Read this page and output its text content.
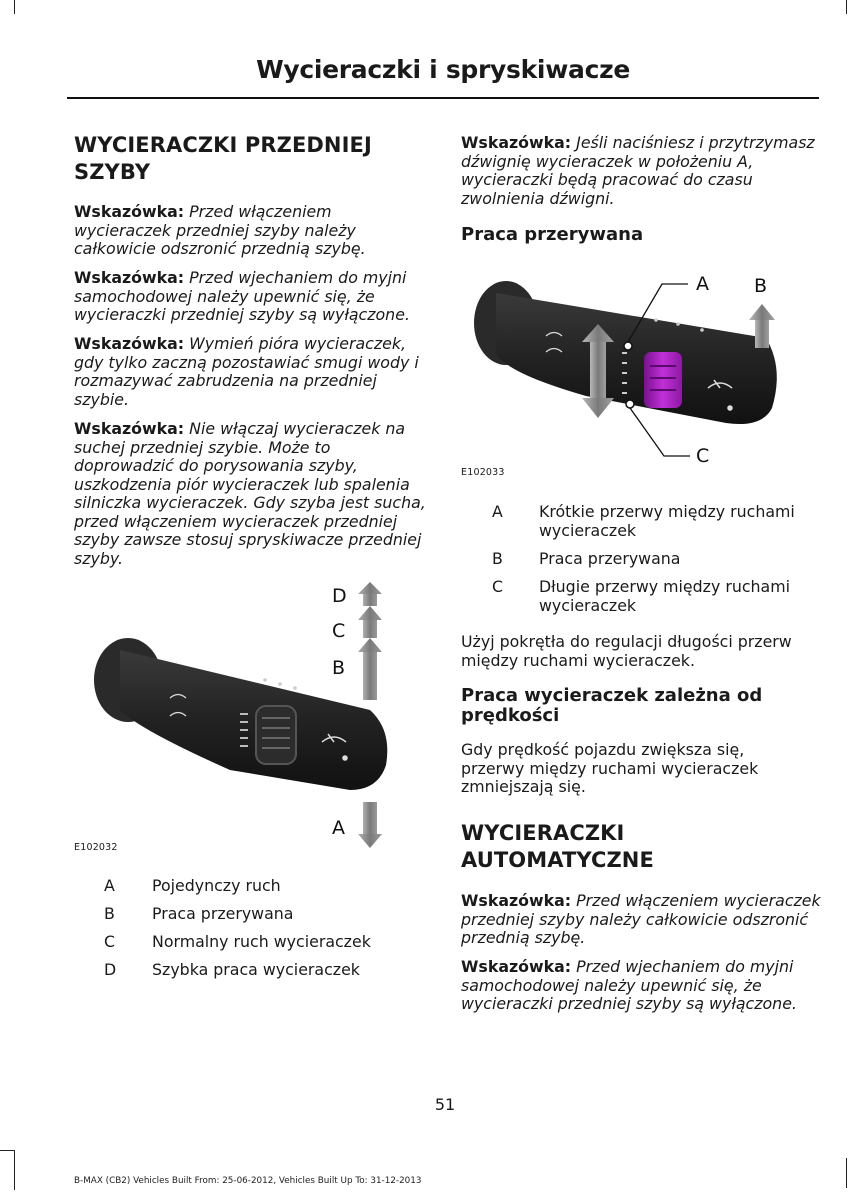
Wycieraczki i spryskiwacze
WYCIERACZKI PRZEDNIEJ SZYBY

Wskazówka: Przed włączeniem wycieraczek przedniej szyby należy całkowicie odszronić przednią szybę.

Wskazówka: Przed wjechaniem do myjni samochodowej należy upewnić się, że wycieraczki przedniej szyby są wyłączone.

Wskazówka: Wymień pióra wycieraczek, gdy tylko zaczną pozostawiać smugi wody i rozmazywać zabrudzenia na przedniej szybie.

Wskazówka: Nie włączaj wycieraczek na suchej przedniej szybie. Może to doprowadzić do porysowania szyby, uszkodzenia piór wycieraczek lub spalenia silniczka wycieraczek. Gdy szyba jest sucha, przed włączeniem wycieraczek przedniej szyby zawsze stosuj spryskiwacze przedniej szyby.

D
C
B
A
E102032
A Pojedynczy ruch
B Praca przerywana
C Normalny ruch wycieraczek
D Szybka praca wycieraczek

Wskazówka: Jeśli naciśniesz i przytrzymasz dźwignię wycieraczek w położeniu A, wycieraczki będą pracować do czasu zwolnienia dźwigni.

Praca przerywana
A B
C
E102033
A Krótkie przerwy między ruchami wycieraczek
B Praca przerywana
C Długie przerwy między ruchami wycieraczek

Użyj pokrętła do regulacji długości przerw między ruchami wycieraczek.

Praca wycieraczek zależna od prędkości

Gdy prędkość pojazdu zwiększa się, przerwy między ruchami wycieraczek zmniejszają się.

WYCIERACZKI AUTOMATYCZNE

Wskazówka: Przed włączeniem wycieraczek przedniej szyby należy całkowicie odszronić przednią szybę.

Wskazówka: Przed wjechaniem do myjni samochodowej należy upewnić się, że wycieraczki przedniej szyby są wyłączone.

51
B-MAX (CB2) Vehicles Built From: 25-06-2012, Vehicles Built Up To: 31-12-2013
